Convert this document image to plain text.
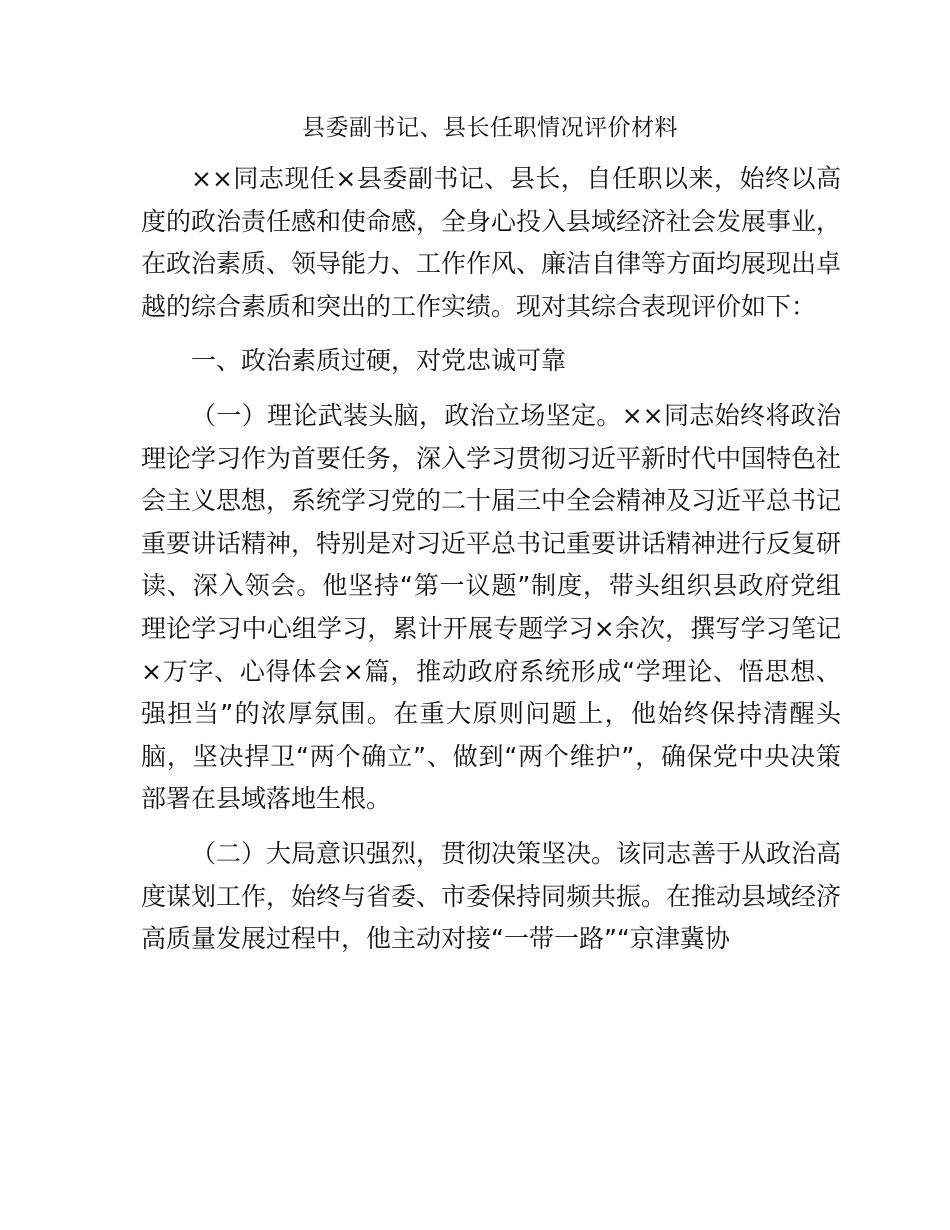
县委副书记、县长任职情况评价材料

××同志现任×县委副书记、县长，自任职以来，始终以高度的政治责任感和使命感，全身心投入县域经济社会发展事业，在政治素质、领导能力、工作作风、廉洁自律等方面均展现出卓越的综合素质和突出的工作实绩。现对其综合表现评价如下：

一、政治素质过硬，对党忠诚可靠

（一）理论武装头脑，政治立场坚定。××同志始终将政治理论学习作为首要任务，深入学习贯彻习近平新时代中国特色社会主义思想，系统学习党的二十届三中全会精神及习近平总书记重要讲话精神，特别是对习近平总书记重要讲话精神进行反复研读、深入领会。他坚持“第一议题”制度，带头组织县政府党组理论学习中心组学习，累计开展专题学习×余次，撰写学习笔记×万字、心得体会×篇，推动政府系统形成“学理论、悟思想、强担当”的浓厚氛围。在重大原则问题上，他始终保持清醒头脑，坚决捍卫“两个确立”、做到“两个维护”，确保党中央决策部署在县域落地生根。

（二）大局意识强烈，贯彻决策坚决。该同志善于从政治高度谋划工作，始终与省委、市委保持同频共振。在推动县域经济高质量发展过程中，他主动对接“一带一路”“京津冀协
